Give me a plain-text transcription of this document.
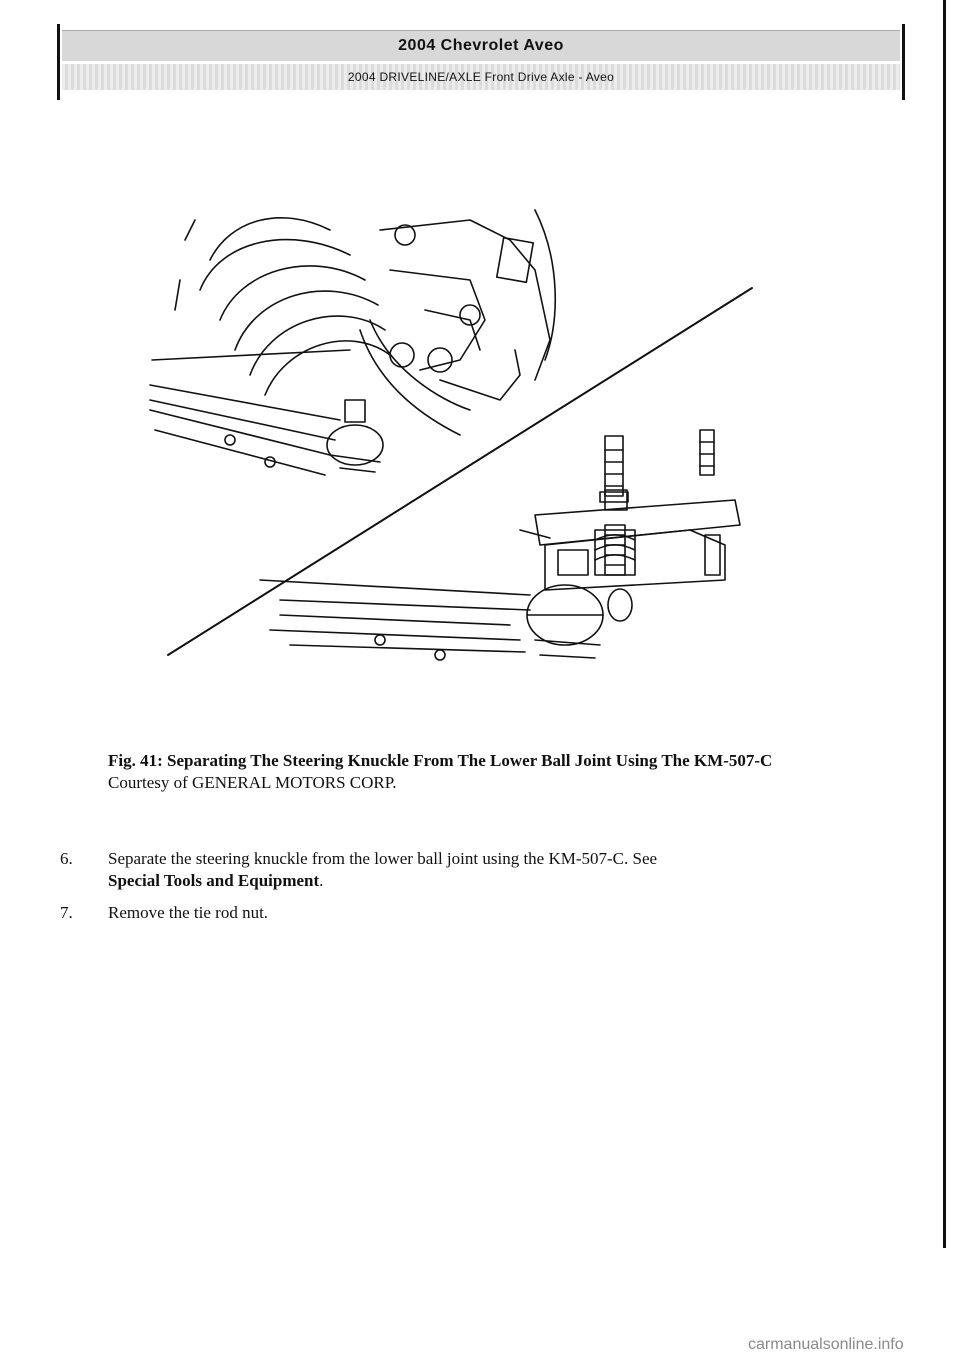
2004 Chevrolet Aveo
2004 DRIVELINE/AXLE Front Drive Axle - Aveo
Fig. 41: Separating The Steering Knuckle From The Lower Ball Joint Using The KM-507-C
Courtesy of GENERAL MOTORS CORP.
6.	Separate the steering knuckle from the lower ball joint using the KM-507-C. See
Special Tools and Equipment.
7.	Remove the tie rod nut.
carmanualsonline.info
